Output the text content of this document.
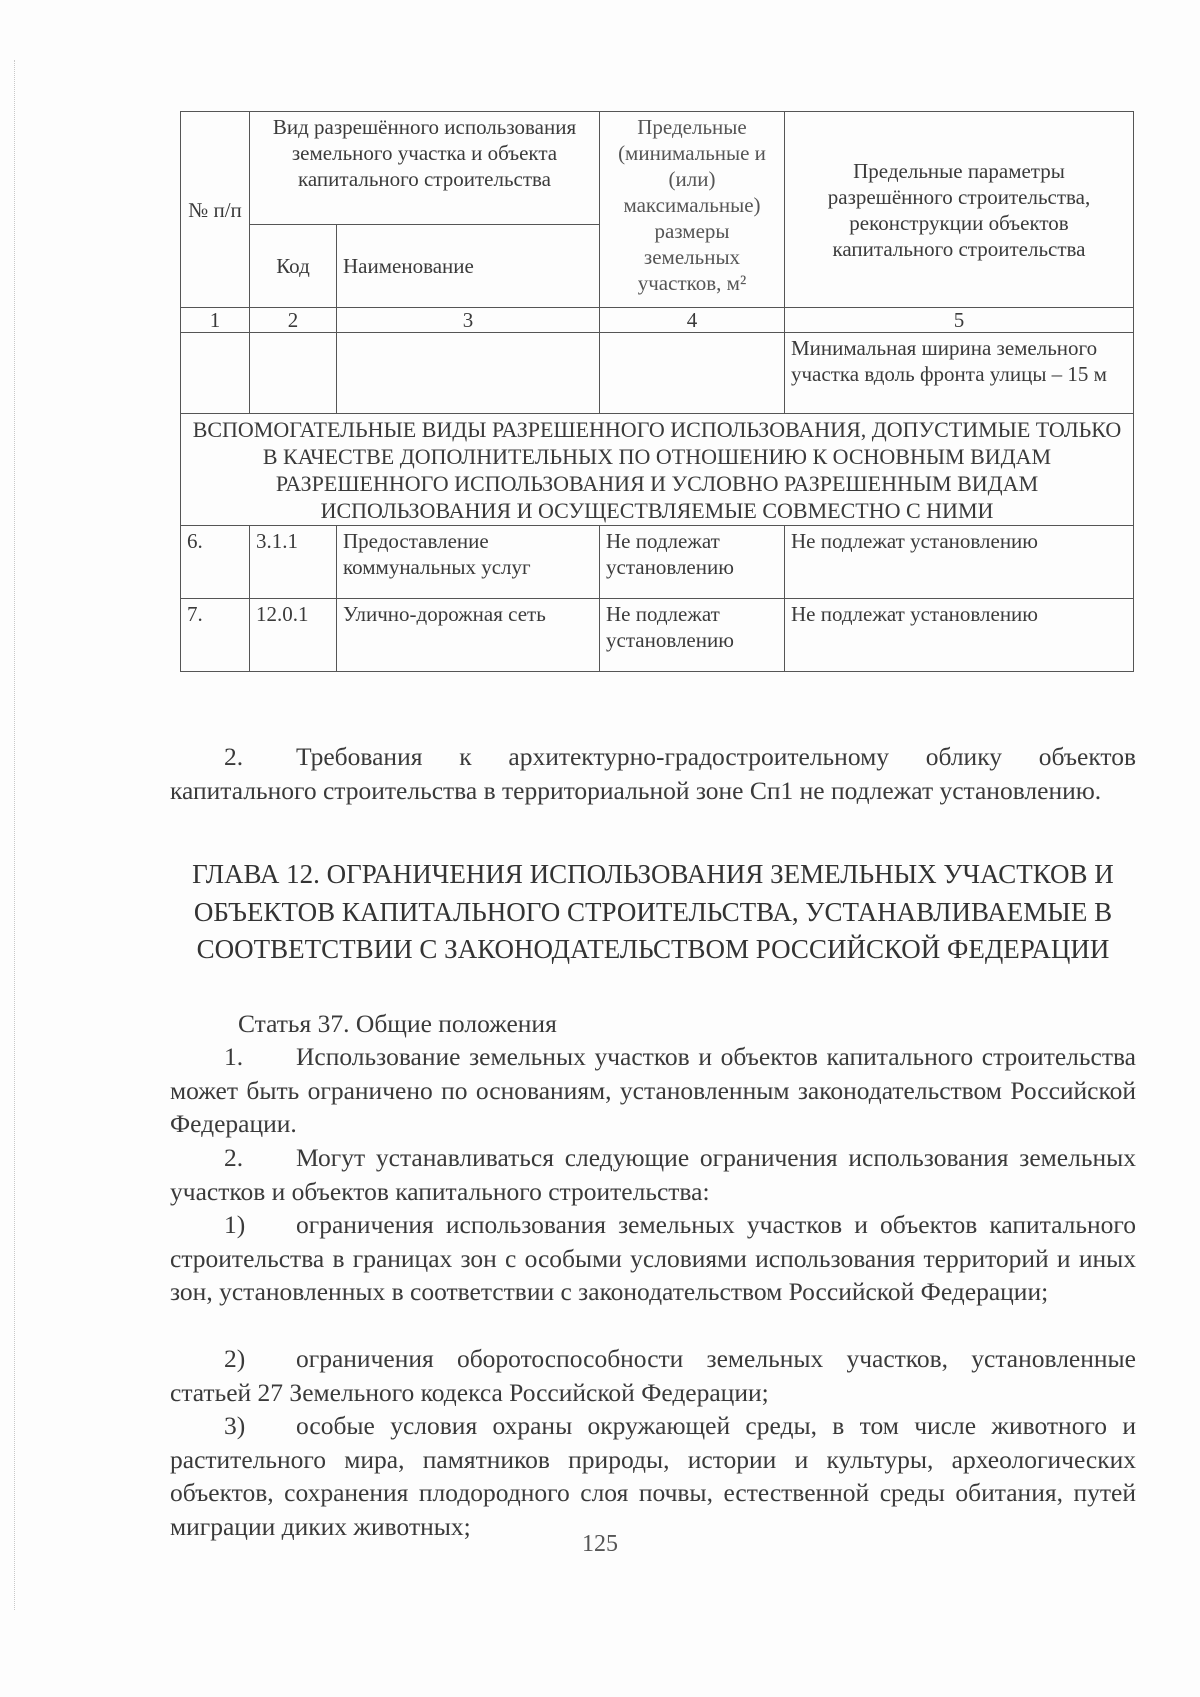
№ п/п	Вид разрешённого использования земельного участка и объекта капитального строительства		Предельные (минимальные и (или) максимальные) размеры земельных участков, м²	Предельные параметры разрешённого строительства, реконструкции объектов капитального строительства
	Код	Наименование		
1	2	3	4	5
				Минимальная ширина земельного участка вдоль фронта улицы – 15 м
ВСПОМОГАТЕЛЬНЫЕ ВИДЫ РАЗРЕШЕННОГО ИСПОЛЬЗОВАНИЯ, ДОПУСТИМЫЕ ТОЛЬКО В КАЧЕСТВЕ ДОПОЛНИТЕЛЬНЫХ ПО ОТНОШЕНИЮ К ОСНОВНЫМ ВИДАМ РАЗРЕШЕННОГО ИСПОЛЬЗОВАНИЯ И УСЛОВНО РАЗРЕШЕННЫМ ВИДАМ ИСПОЛЬЗОВАНИЯ И ОСУЩЕСТВЛЯЕМЫЕ СОВМЕСТНО С НИМИ				
6.	3.1.1	Предоставление коммунальных услуг	Не подлежат установлению	Не подлежат установлению
7.	12.0.1	Улично-дорожная сеть	Не подлежат установлению	Не подлежат установлению
2. Требования к архитектурно-градостроительному облику объектов капитального строительства в территориальной зоне Сп1 не подлежат установлению.
ГЛАВА 12. ОГРАНИЧЕНИЯ ИСПОЛЬЗОВАНИЯ ЗЕМЕЛЬНЫХ УЧАСТКОВ И ОБЪЕКТОВ КАПИТАЛЬНОГО СТРОИТЕЛЬСТВА, УСТАНАВЛИВАЕМЫЕ В СООТВЕТСТВИИ С ЗАКОНОДАТЕЛЬСТВОМ РОССИЙСКОЙ ФЕДЕРАЦИИ
Статья 37. Общие положения
1. Использование земельных участков и объектов капитального строительства может быть ограничено по основаниям, установленным законодательством Российской Федерации.
2. Могут устанавливаться следующие ограничения использования земельных участков и объектов капитального строительства:
1) ограничения использования земельных участков и объектов капитального строительства в границах зон с особыми условиями использования территорий и иных зон, установленных в соответствии с законодательством Российской Федерации;
2) ограничения оборотоспособности земельных участков, установленные статьей 27 Земельного кодекса Российской Федерации;
3) особые условия охраны окружающей среды, в том числе животного и растительного мира, памятников природы, истории и культуры, археологических объектов, сохранения плодородного слоя почвы, естественной среды обитания, путей миграции диких животных;
125
